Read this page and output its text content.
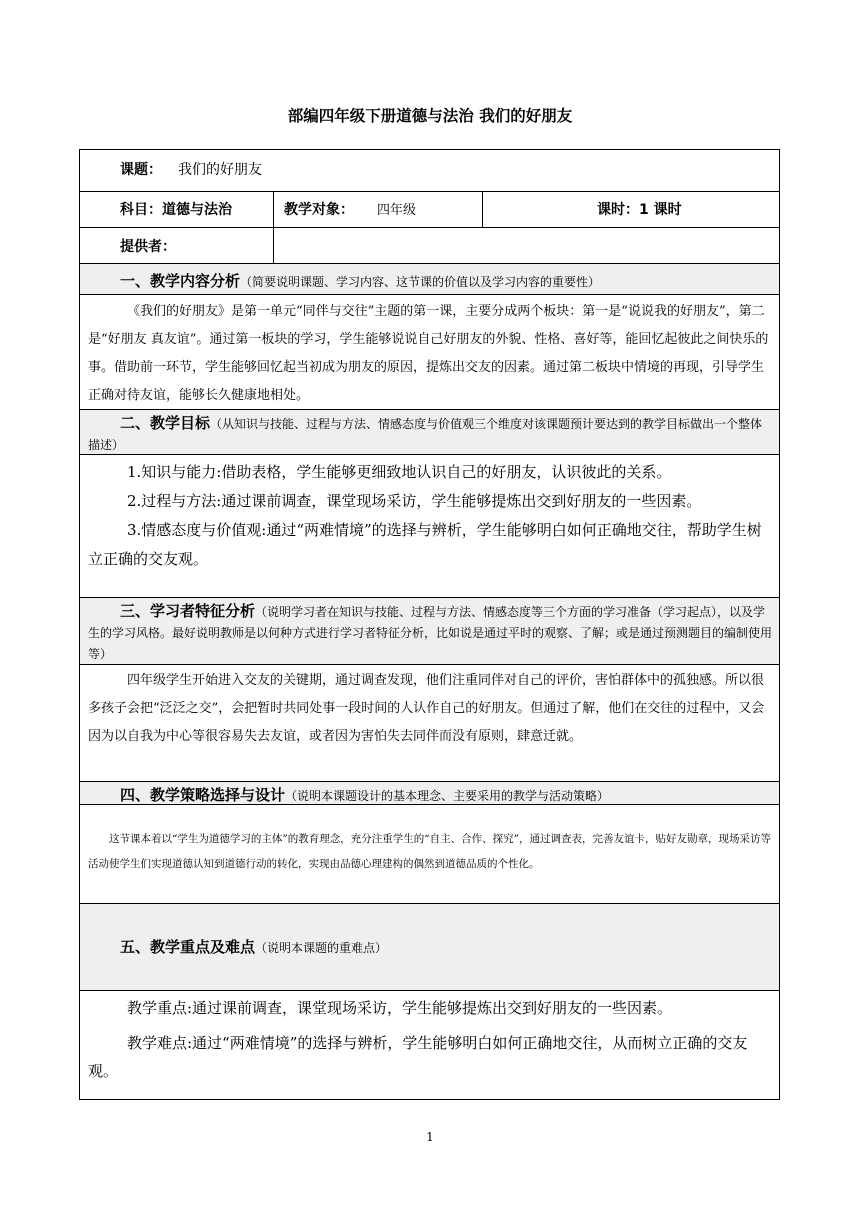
部编四年级下册道德与法治 我们的好朋友
课题： 我们的好朋友
科目：道德与法治	教学对象： 四年级	课时：1 课时
提供者：
一、教学内容分析（简要说明课题、学习内容、这节课的价值以及学习内容的重要性）

《我们的好朋友》是第一单元“同伴与交往”主题的第一课，主要分成两个板块：第一是“说说我的好朋友”，第二是“好朋友 真友谊”。通过第一板块的学习，学生能够说说自己好朋友的外貌、性格、喜好等，能回忆起彼此之间快乐的事。借助前一环节，学生能够回忆起当初成为朋友的原因，提炼出交友的因素。通过第二板块中情境的再现，引导学生正确对待友谊，能够长久健康地相处。

二、教学目标（从知识与技能、过程与方法、情感态度与价值观三个维度对该课题预计要达到的教学目标做出一个整体描述）

1.知识与能力:借助表格，学生能够更细致地认识自己的好朋友，认识彼此的关系。

2.过程与方法:通过课前调查，课堂现场采访，学生能够提炼出交到好朋友的一些因素。

3.情感态度与价值观:通过“两难情境”的选择与辨析，学生能够明白如何正确地交往，帮助学生树立正确的交友观。

三、学习者特征分析（说明学习者在知识与技能、过程与方法、情感态度等三个方面的学习准备（学习起点），以及学生的学习风格。最好说明教师是以何种方式进行学习者特征分析，比如说是通过平时的观察、了解；或是通过预测题目的编制使用等）

四年级学生开始进入交友的关键期，通过调查发现，他们注重同伴对自己的评价，害怕群体中的孤独感。所以很多孩子会把“泛泛之交”，会把暂时共同处事一段时间的人认作自己的好朋友。但通过了解，他们在交往的过程中，又会因为以自我为中心等很容易失去友谊，或者因为害怕失去同伴而没有原则，肆意迁就。

四、教学策略选择与设计（说明本课题设计的基本理念、主要采用的教学与活动策略）

这节课本着以“学生为道德学习的主体”的教育理念，充分注重学生的“自主、合作、探究”，通过调查表，完善友谊卡，贴好友勋章，现场采访等活动使学生们实现道德认知到道德行动的转化，实现由品德心理建构的偶然到道德品质的个性化。

五、教学重点及难点（说明本课题的重难点）

教学重点:通过课前调查，课堂现场采访，学生能够提炼出交到好朋友的一些因素。

教学难点:通过“两难情境”的选择与辨析，学生能够明白如何正确地交往，从而树立正确的交友观。

1
